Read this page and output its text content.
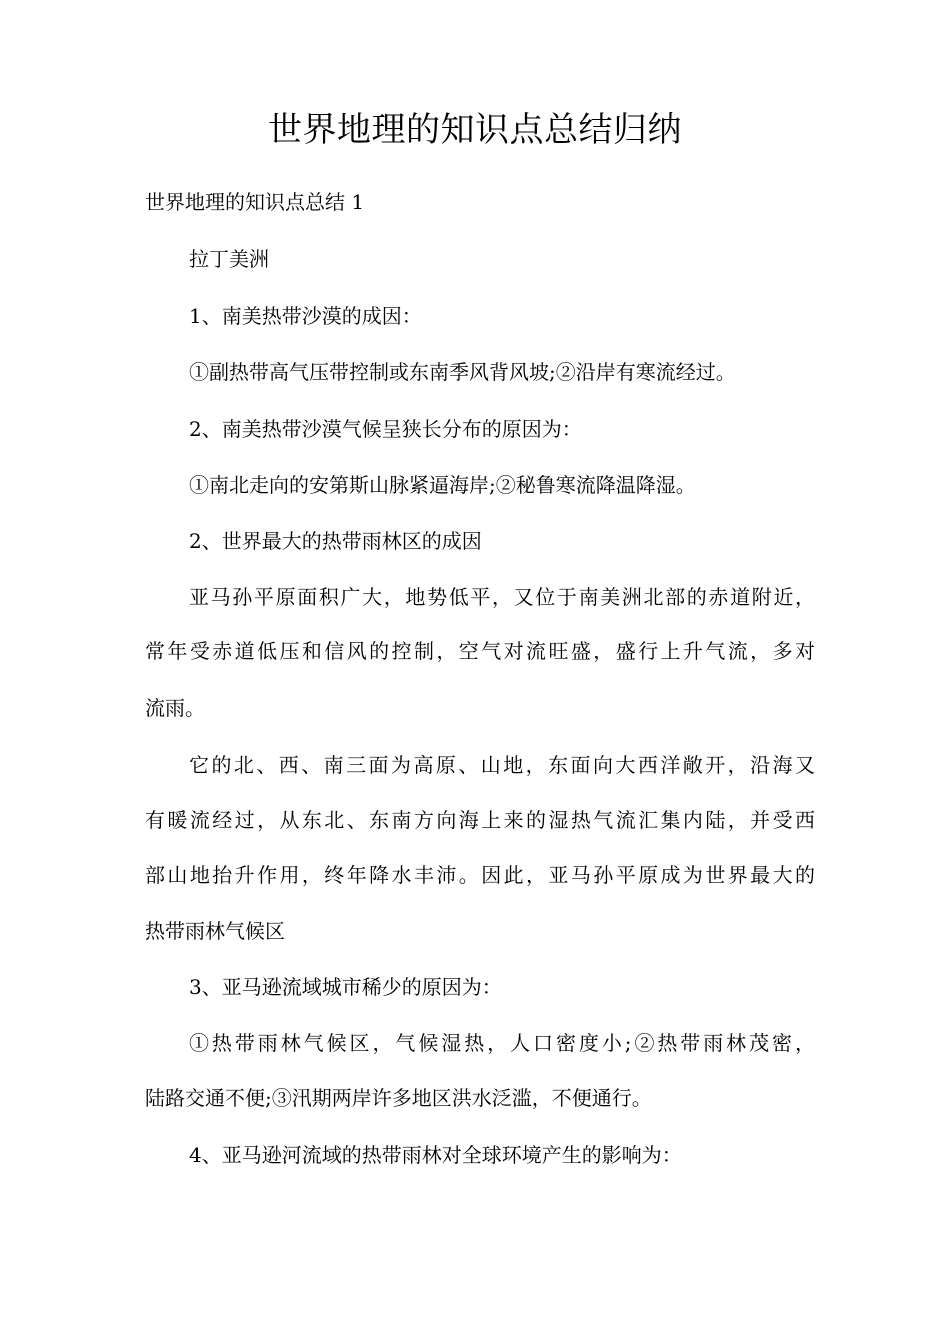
世界地理的知识点总结归纳

世界地理的知识点总结 1

拉丁美洲

1、南美热带沙漠的成因：

①副热带高气压带控制或东南季风背风坡;②沿岸有寒流经过。

2、南美热带沙漠气候呈狭长分布的原因为：

①南北走向的安第斯山脉紧逼海岸;②秘鲁寒流降温降湿。

2、世界最大的热带雨林区的成因

亚马孙平原面积广大，地势低平，又位于南美洲北部的赤道附近，

常年受赤道低压和信风的控制，空气对流旺盛，盛行上升气流，多对

流雨。

它的北、西、南三面为高原、山地，东面向大西洋敞开，沿海又

有暖流经过，从东北、东南方向海上来的湿热气流汇集内陆，并受西

部山地抬升作用，终年降水丰沛。因此，亚马孙平原成为世界最大的

热带雨林气候区

3、亚马逊流域城市稀少的原因为：

①热带雨林气候区，气候湿热，人口密度小;②热带雨林茂密，

陆路交通不便;③汛期两岸许多地区洪水泛滥，不便通行。

4、亚马逊河流域的热带雨林对全球环境产生的影响为：
